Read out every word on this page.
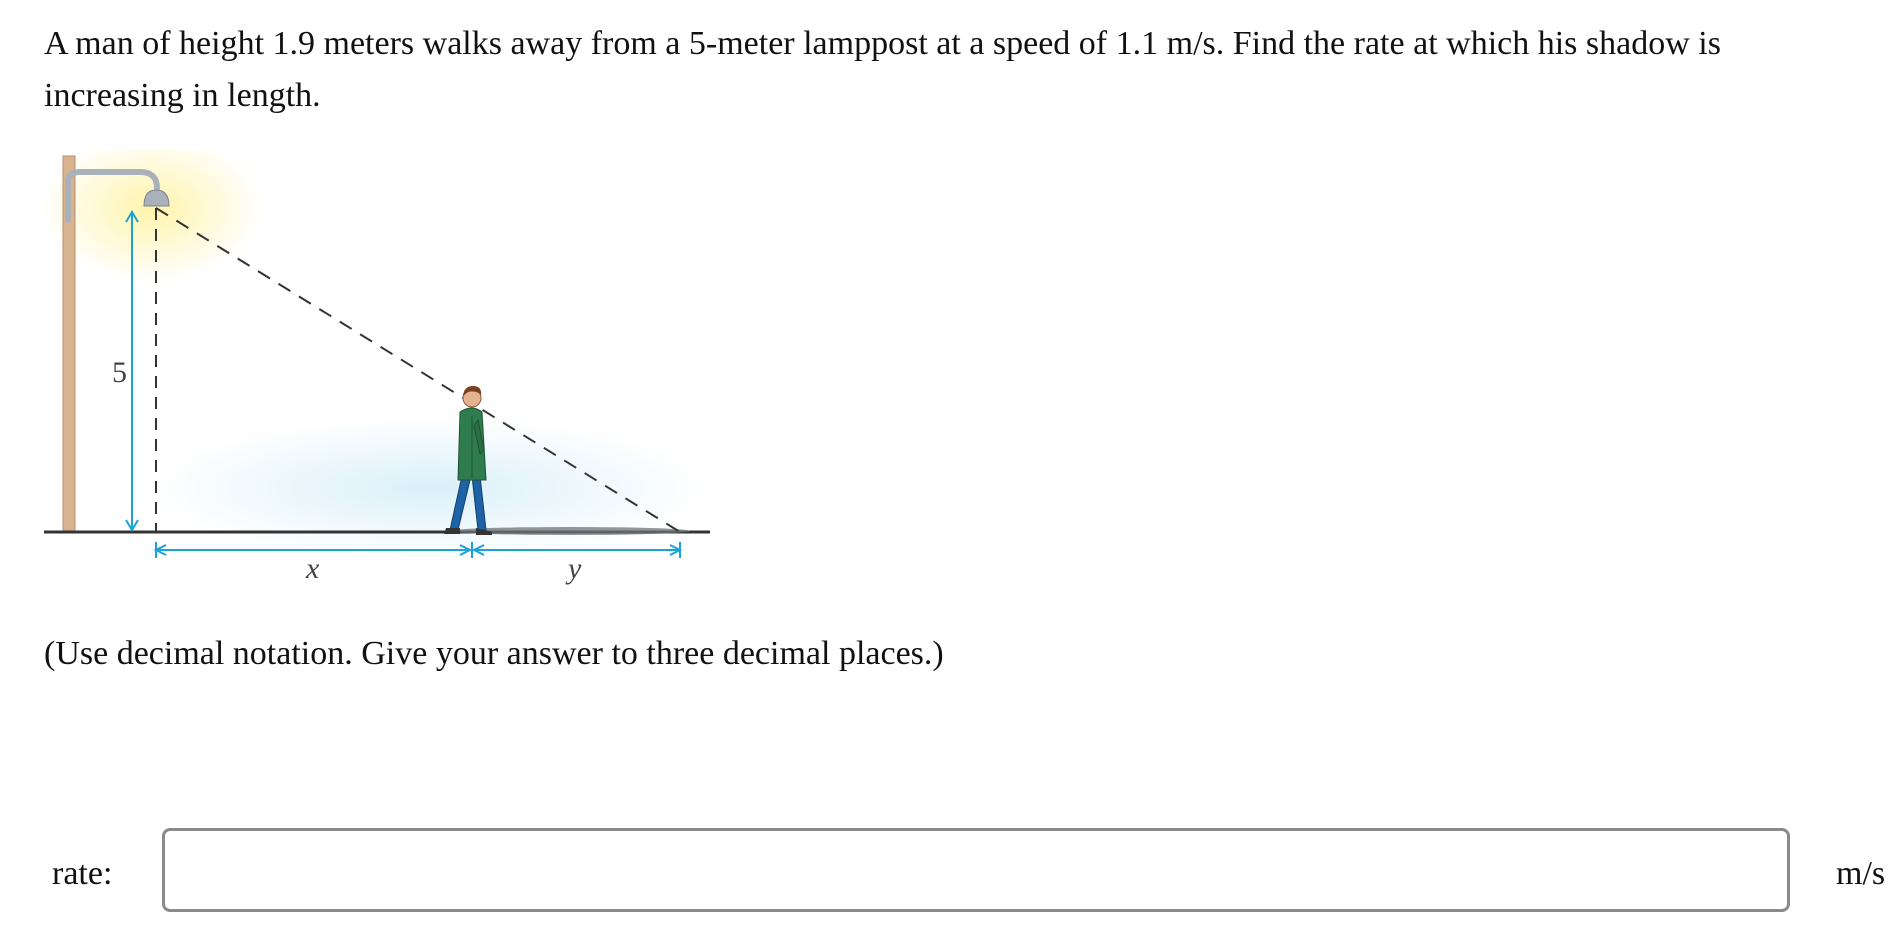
A man of height 1.9 meters walks away from a 5-meter lamppost at a speed of 1.1 m/s. Find the rate at which his shadow is increasing in length.
5
x	y
(Use decimal notation. Give your answer to three decimal places.)
rate:	m/s
